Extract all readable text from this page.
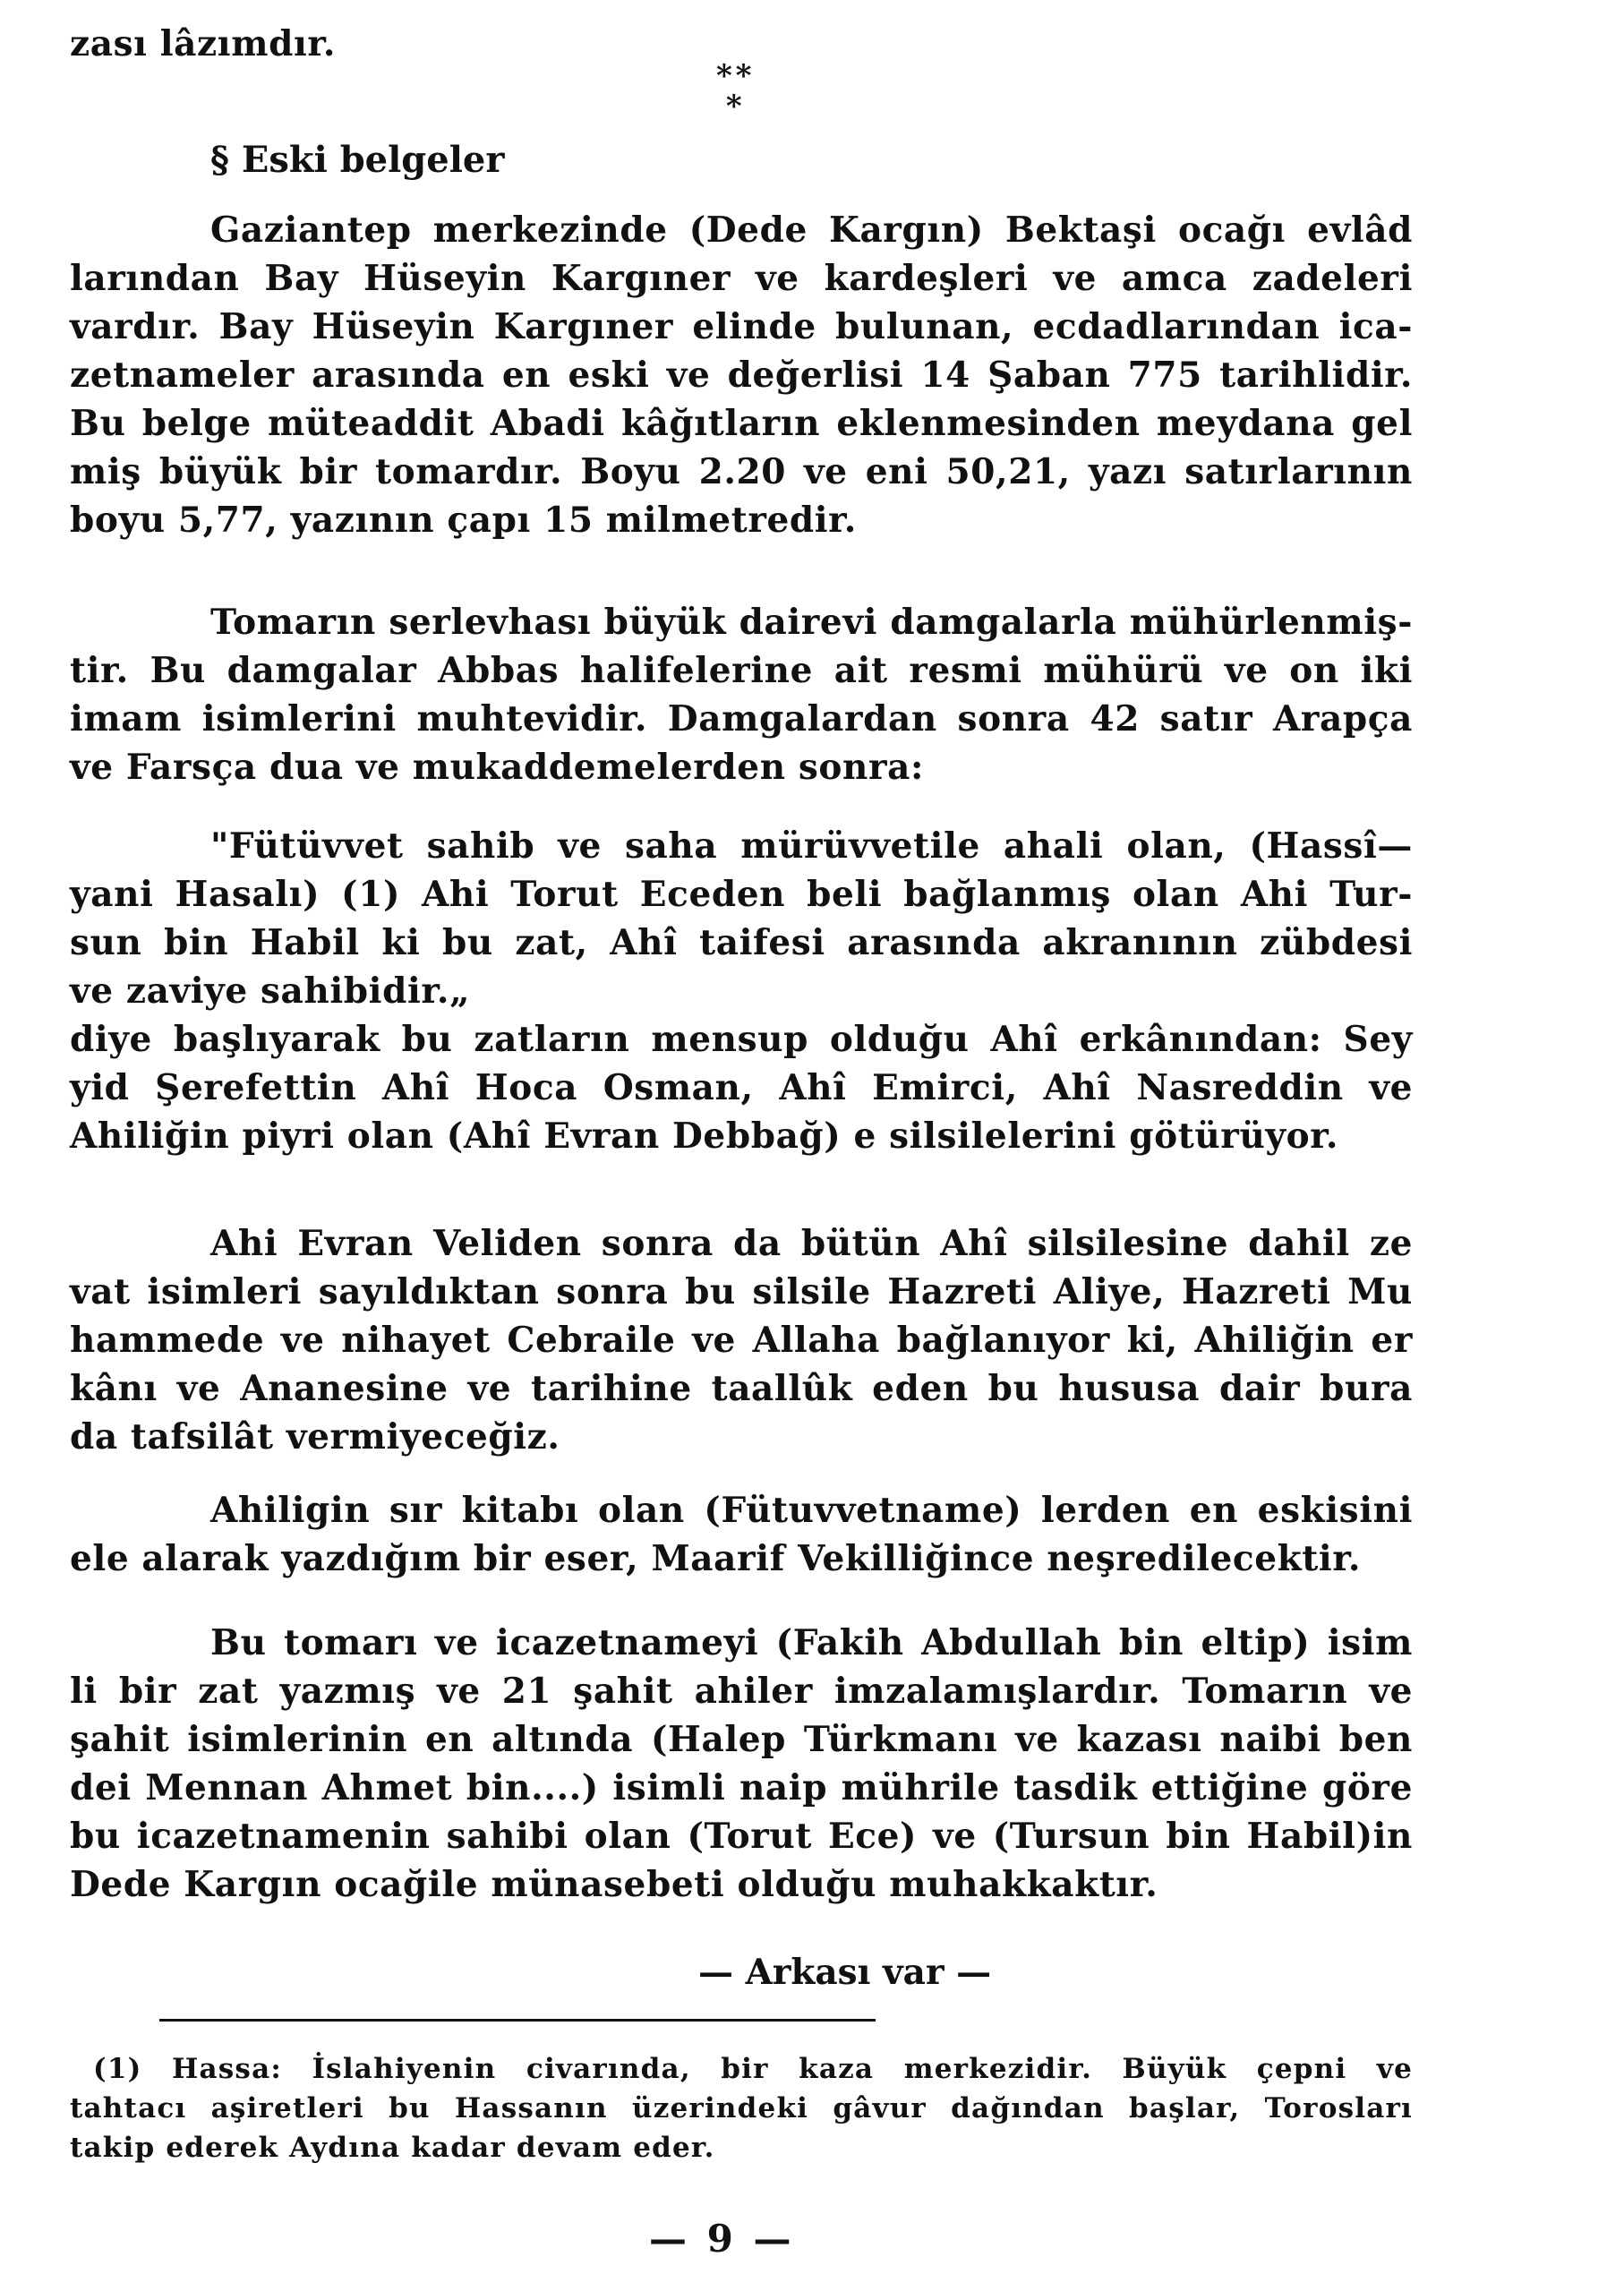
zası lâzımdır.
* *
*
§ Eski belgeler
Gaziantep merkezinde (Dede Kargın) Bektaşi ocağı evlâd
larından Bay Hüseyin Kargıner ve kardeşleri ve amca zadeleri
vardır. Bay Hüseyin Kargıner elinde bulunan, ecdadlarından ica-
zetnameler arasında en eski ve değerlisi 14 Şaban 775 tarihlidir.
Bu belge müteaddit Abadi kâğıtların eklenmesinden meydana gel
miş büyük bir tomardır. Boyu 2.20 ve eni 50,21, yazı satırlarının
boyu 5,77, yazının çapı 15 milmetredir.
Tomarın serlevhası büyük dairevi damgalarla mühürlenmiş-
tir. Bu damgalar Abbas halifelerine ait resmi mühürü ve on iki
imam isimlerini muhtevidir. Damgalardan sonra 42 satır Arapça
ve Farsça dua ve mukaddemelerden sonra:
"Fütüvvet sahib ve saha mürüvvetile ahali olan, (Hassî—
yani Hasalı) (1) Ahi Torut Eceden beli bağlanmış olan Ahi Tur-
sun bin Habil ki bu zat, Ahî taifesi arasında akranının zübdesi
ve zaviye sahibidir.„
diye başlıyarak bu zatların mensup olduğu Ahî erkânından: Sey
yid Şerefettin Ahî Hoca Osman, Ahî Emirci, Ahî Nasreddin ve
Ahiliğin piyri olan (Ahî Evran Debbağ) e silsilelerini götürüyor.
Ahi Evran Veliden sonra da bütün Ahî silsilesine dahil ze
vat isimleri sayıldıktan sonra bu silsile Hazreti Aliye, Hazreti Mu
hammede ve nihayet Cebraile ve Allaha bağlanıyor ki, Ahiliğin er
kânı ve Ananesine ve tarihine taallûk eden bu hususa dair bura
da tafsilât vermiyeceğiz.
Ahiligin sır kitabı olan (Fütuvvetname) lerden en eskisini
ele alarak yazdığım bir eser, Maarif Vekilliğince neşredilecektir.
Bu tomarı ve icazetnameyi (Fakih Abdullah bin eltip) isim
li bir zat yazmış ve 21 şahit ahiler imzalamışlardır. Tomarın ve
şahit isimlerinin en altında (Halep Türkmanı ve kazası naibi ben
dei Mennan Ahmet bin....) isimli naip mührile tasdik ettiğine göre
bu icazetnamenin sahibi olan (Torut Ece) ve (Tursun bin Habil)in
Dede Kargın ocağile münasebeti olduğu muhakkaktır.
— Arkası var —
(1) Hassa: İslahiyenin civarında, bir kaza merkezidir. Büyük çepni ve
tahtacı aşiretleri bu Hassanın üzerindeki gâvur dağından başlar, Torosları
takip ederek Aydına kadar devam eder.
— 9 —
